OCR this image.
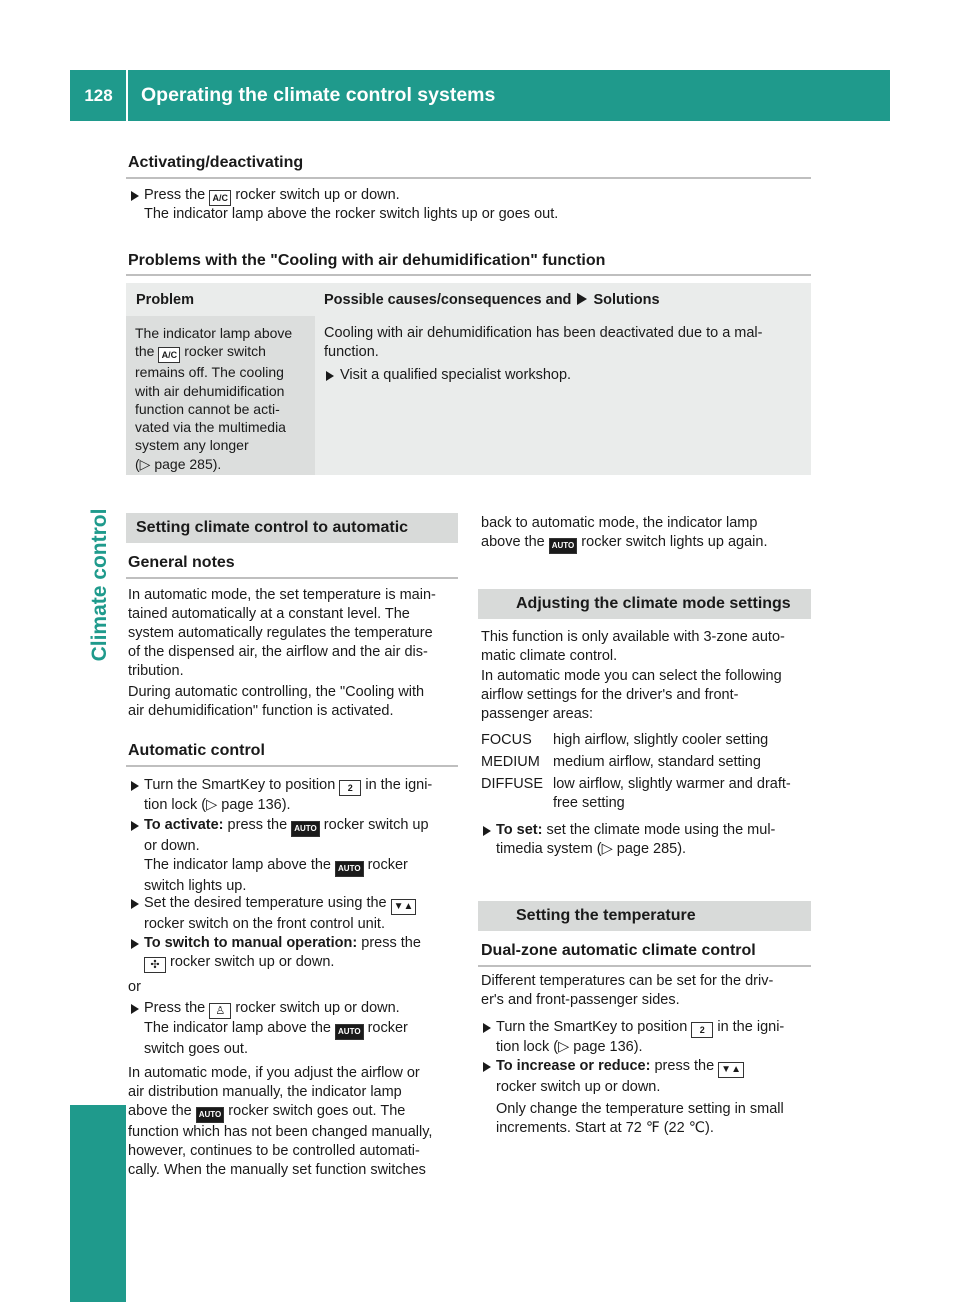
128	Operating the climate control systems
Climate control
Activating/deactivating
Press the A/C rocker switch up or down.
The indicator lamp above the rocker switch lights up or goes out.
Problems with the "Cooling with air dehumidification" function
Problem	Possible causes/consequences and Solutions
The indicator lamp above
the A/C rocker switch
remains off. The cooling
with air dehumidification
function cannot be acti-
vated via the multimedia
system any longer
(▷ page 285).
Cooling with air dehumidification has been deactivated due to a mal-
function.
Visit a qualified specialist workshop.
Setting climate control to automatic
General notes
In automatic mode, the set temperature is main-
tained automatically at a constant level. The
system automatically regulates the temperature
of the dispensed air, the airflow and the air dis-
tribution.
During automatic controlling, the "Cooling with
air dehumidification" function is activated.
Automatic control
Turn the SmartKey to position 2 in the igni-
tion lock (▷ page 136).
To activate: press the AUTO rocker switch up
or down.
The indicator lamp above the AUTO rocker
switch lights up.
Set the desired temperature using the ▼▲
rocker switch on the front control unit.
To switch to manual operation: press the
✣ rocker switch up or down.
or
Press the ♙ rocker switch up or down.
The indicator lamp above the AUTO rocker
switch goes out.
In automatic mode, if you adjust the airflow or
air distribution manually, the indicator lamp
above the AUTO rocker switch goes out. The
function which has not been changed manually,
however, continues to be controlled automati-
cally. When the manually set function switches
back to automatic mode, the indicator lamp
above the AUTO rocker switch lights up again.
Adjusting the climate mode settings
This function is only available with 3-zone auto-
matic climate control.
In automatic mode you can select the following
airflow settings for the driver's and front-
passenger areas:
FOCUS high airflow, slightly cooler setting
MEDIUM medium airflow, standard setting
DIFFUSE low airflow, slightly warmer and draft-
free setting
To set: set the climate mode using the mul-
timedia system (▷ page 285).
Setting the temperature
Dual-zone automatic climate control
Different temperatures can be set for the driv-
er's and front-passenger sides.
Turn the SmartKey to position 2 in the igni-
tion lock (▷ page 136).
To increase or reduce: press the ▼▲
rocker switch up or down.
Only change the temperature setting in small
increments. Start at 72 ℉ (22 ℃).
